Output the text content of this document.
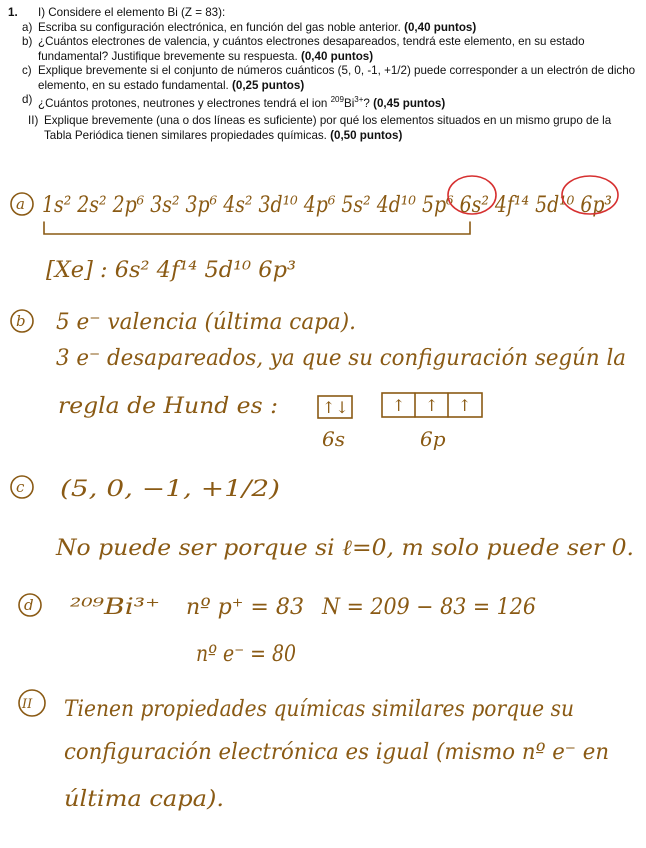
1. I) Considere el elemento Bi (Z = 83):
a) Escriba su configuración electrónica, en función del gas noble anterior. (0,40 puntos)
b) ¿Cuántos electrones de valencia, y cuántos electrones desapareados, tendrá este elemento, en su estado fundamental? Justifique brevemente su respuesta. (0,40 puntos)
c) Explique brevemente si el conjunto de números cuánticos (5, 0, -1, +1/2) puede corresponder a un electrón de dicho elemento, en su estado fundamental. (0,25 puntos)
d) ¿Cuántos protones, neutrones y electrones tendrá el ion $^{209}Bi^{3+}$? (0,45 puntos)
II) Explique brevemente (una o dos líneas es suficiente) por qué los elementos situados en un mismo grupo de la Tabla Periódica tienen similares propiedades químicas. (0,50 puntos)
a 1s² 2s² 2p⁶ 3s² 3p⁶ 4s² 3d¹⁰ 4p⁶ 5s² 4d¹⁰ 5p⁶ 6s² 4f¹⁴ 5d¹⁰ 6p³
[Xe] : 6s² 4f¹⁴ 5d¹⁰ 6p³
b 5 e⁻ valencia (última capa).
3 e⁻ desapareados, ya que su configuración según la
regla de Hund es :	↑↓	↑ ↑ ↑
6s	6p
c (5, 0, −1, +1/2)
No puede ser porque si ℓ=0, m solo puede ser 0.
d ²⁰⁹Bi³⁺ nº p⁺ = 83 N = 209 − 83 = 126
nº e⁻ = 80
II Tienen propiedades químicas similares porque su
configuración electrónica es igual (mismo nº e⁻ en
última capa).
